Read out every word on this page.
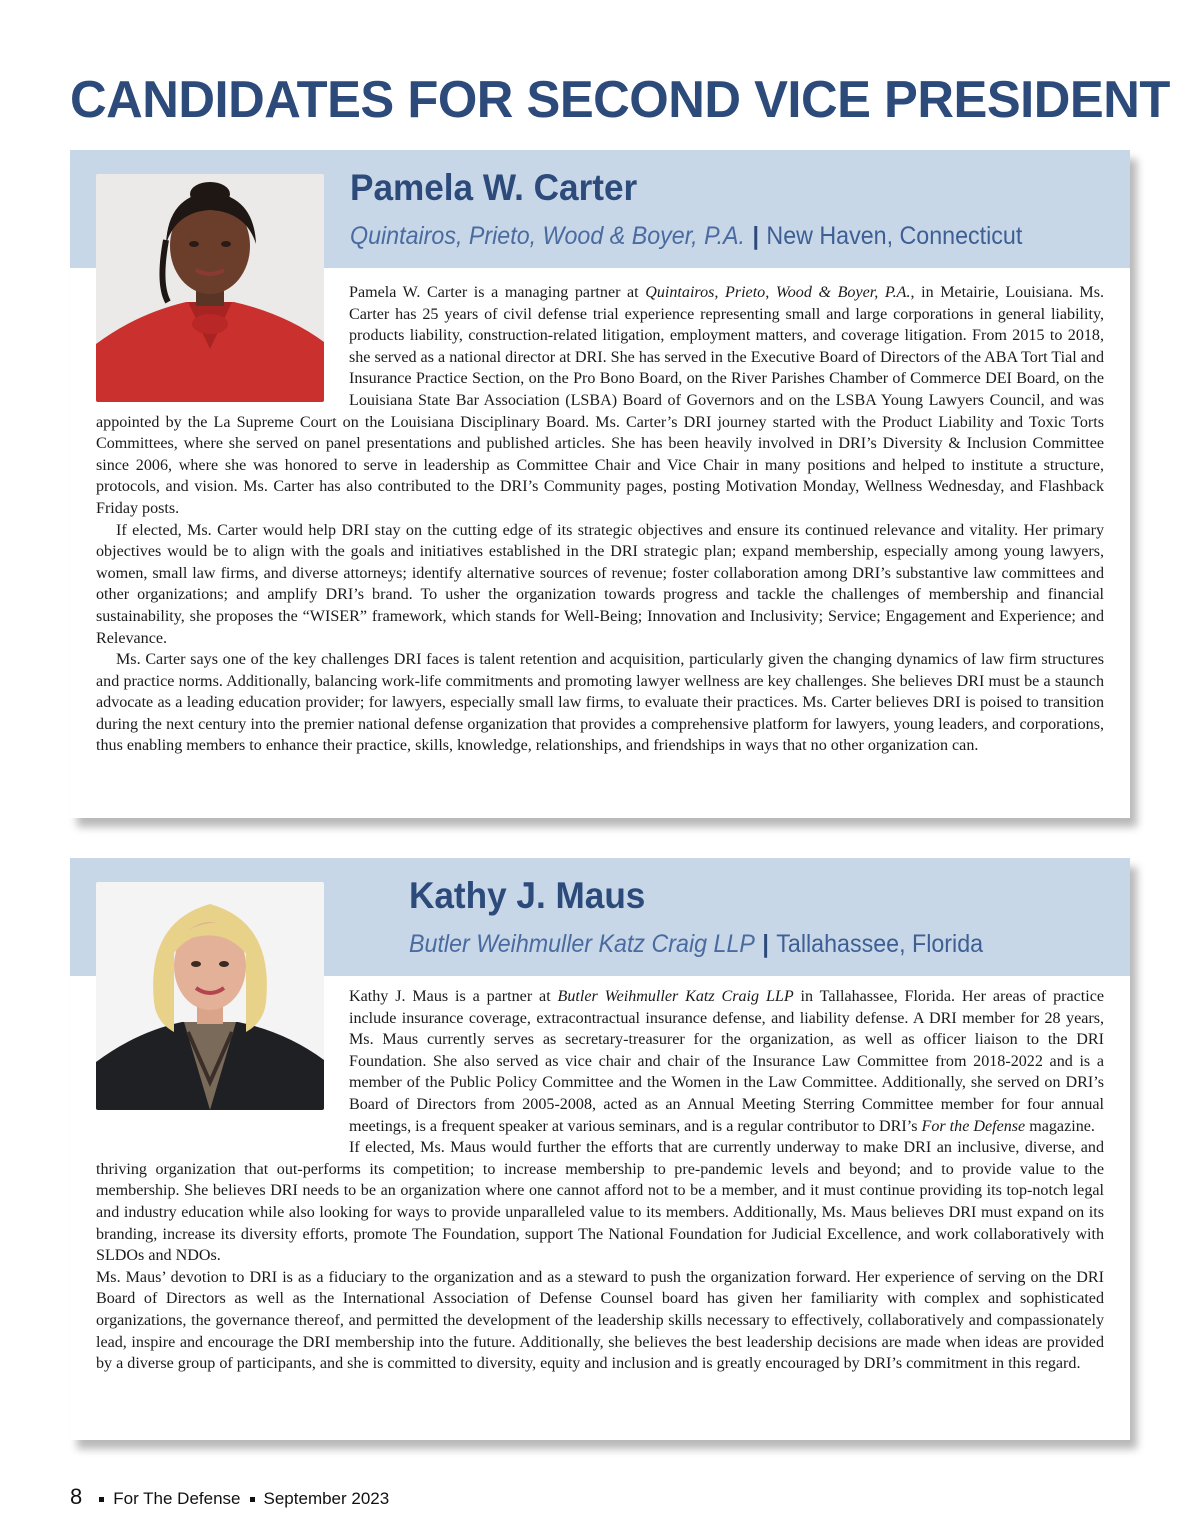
CANDIDATES FOR SECOND VICE PRESIDENT
Pamela W. Carter
Quintairos, Prieto, Wood & Boyer, P.A. | New Haven, Connecticut

Pamela W. Carter is a managing partner at Quintairos, Prieto, Wood & Boyer, P.A., in Metairie, Louisiana. Ms. Carter has 25 years of civil defense trial experience representing small and large corporations in general liability, products liability, construction-related litigation, employment matters, and coverage litigation. From 2015 to 2018, she served as a national director at DRI. She has served in the Executive Board of Directors of the ABA Tort Tial and Insurance Practice Section, on the Pro Bono Board, on the River Parishes Chamber of Commerce DEI Board, on the Louisiana State Bar Association (LSBA) Board of Governors and on the LSBA Young Lawyers Council, and was appointed by the La Supreme Court on the Louisiana Disciplinary Board. Ms. Carter’s DRI journey started with the Product Liability and Toxic Torts Committees, where she served on panel presentations and published articles. She has been heavily involved in DRI’s Diversity & Inclusion Committee since 2006, where she was honored to serve in leadership as Committee Chair and Vice Chair in many positions and helped to institute a structure, protocols, and vision. Ms. Carter has also contributed to the DRI’s Community pages, posting Motivation Monday, Wellness Wednesday, and Flashback Friday posts.

If elected, Ms. Carter would help DRI stay on the cutting edge of its strategic objectives and ensure its continued relevance and vitality. Her primary objectives would be to align with the goals and initiatives established in the DRI strategic plan; expand membership, especially among young lawyers, women, small law firms, and diverse attorneys; identify alternative sources of revenue; foster collaboration among DRI’s substantive law committees and other organizations; and amplify DRI’s brand. To usher the organization towards progress and tackle the challenges of membership and financial sustainability, she proposes the “WISER” framework, which stands for Well-Being; Innovation and Inclusivity; Service; Engagement and Experience; and Relevance.

Ms. Carter says one of the key challenges DRI faces is talent retention and acquisition, particularly given the changing dynamics of law firm structures and practice norms. Additionally, balancing work-life commitments and promoting lawyer wellness are key challenges. She believes DRI must be a staunch advocate as a leading education provider; for lawyers, especially small law firms, to evaluate their practices. Ms. Carter believes DRI is poised to transition during the next century into the premier national defense organization that provides a comprehensive platform for lawyers, young leaders, and corporations, thus enabling members to enhance their practice, skills, knowledge, relationships, and friendships in ways that no other organization can.

Kathy J. Maus
Butler Weihmuller Katz Craig LLP | Tallahassee, Florida

Kathy J. Maus is a partner at Butler Weihmuller Katz Craig LLP in Tallahassee, Florida. Her areas of practice include insurance coverage, extracontractual insurance defense, and liability defense. A DRI member for 28 years, Ms. Maus currently serves as secretary-treasurer for the organization, as well as officer liaison to the DRI Foundation. She also served as vice chair and chair of the Insurance Law Committee from 2018-2022 and is a member of the Public Policy Committee and the Women in the Law Committee. Additionally, she served on DRI’s Board of Directors from 2005-2008, acted as an Annual Meeting Sterring Committee member for four annual meetings, is a frequent speaker at various seminars, and is a regular contributor to DRI’s For the Defense magazine.

If elected, Ms. Maus would further the efforts that are currently underway to make DRI an inclusive, diverse, and thriving organization that out-performs its competition; to increase membership to pre-pandemic levels and beyond; and to provide value to the membership. She believes DRI needs to be an organization where one cannot afford not to be a member, and it must continue providing its top-notch legal and industry education while also looking for ways to provide unparalleled value to its members. Additionally, Ms. Maus believes DRI must expand on its branding, increase its diversity efforts, promote The Foundation, support The National Foundation for Judicial Excellence, and work collaboratively with SLDOs and NDOs.

Ms. Maus’ devotion to DRI is as a fiduciary to the organization and as a steward to push the organization forward. Her experience of serving on the DRI Board of Directors as well as the International Association of Defense Counsel board has given her familiarity with complex and sophisticated organizations, the governance thereof, and permitted the development of the leadership skills necessary to effectively, collaboratively and compassionately lead, inspire and encourage the DRI membership into the future. Additionally, she believes the best leadership decisions are made when ideas are provided by a diverse group of participants, and she is committed to diversity, equity and inclusion and is greatly encouraged by DRI’s commitment in this regard.

8 For The Defense September 2023
